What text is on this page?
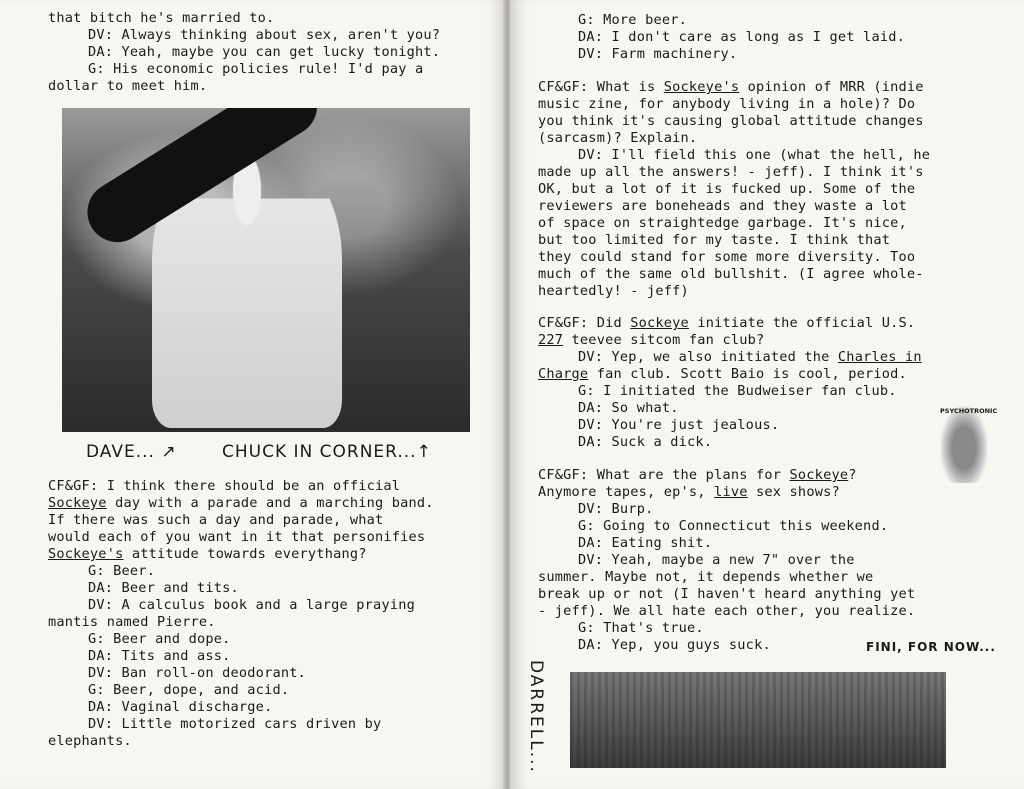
that bitch he's married to.
DV: Always thinking about sex, aren't you?
DA: Yeah, maybe you can get lucky tonight.
G: His economic policies rule! I'd pay a
dollar to meet him.
DAVE... ↗	CHUCK IN CORNER...↑
CF&GF: I think there should be an official
Sockeye day with a parade and a marching band.
If there was such a day and parade, what
would each of you want in it that personifies
Sockeye's attitude towards everythang?
G: Beer.
DA: Beer and tits.
DV: A calculus book and a large praying
mantis named Pierre.
G: Beer and dope.
DA: Tits and ass.
DV: Ban roll-on deodorant.
G: Beer, dope, and acid.
DA: Vaginal discharge.
DV: Little motorized cars driven by
elephants.
G: More beer.
DA: I don't care as long as I get laid.
DV: Farm machinery.
CF&GF: What is Sockeye's opinion of MRR (indie
music zine, for anybody living in a hole)? Do
you think it's causing global attitude changes
(sarcasm)? Explain.
DV: I'll field this one (what the hell, he
made up all the answers! - jeff). I think it's
OK, but a lot of it is fucked up. Some of the
reviewers are boneheads and they waste a lot
of space on straightedge garbage. It's nice,
but too limited for my taste. I think that
they could stand for some more diversity. Too
much of the same old bullshit. (I agree whole-
heartedly! - jeff)
CF&GF: Did Sockeye initiate the official U.S.
227 teevee sitcom fan club?
DV: Yep, we also initiated the Charles in
Charge fan club. Scott Baio is cool, period.
G: I initiated the Budweiser fan club.
DA: So what.
DV: You're just jealous.
DA: Suck a dick.
CF&GF: What are the plans for Sockeye?
Anymore tapes, ep's, live sex shows?
DV: Burp.
G: Going to Connecticut this weekend.
DA: Eating shit.
DV: Yeah, maybe a new 7" over the
summer. Maybe not, it depends whether we
break up or not (I haven't heard anything yet
- jeff). We all hate each other, you realize.
G: That's true.
DA: Yep, you guys suck.
PSYCHOTRONIC
FINI, FOR NOW...
DARRELL...
